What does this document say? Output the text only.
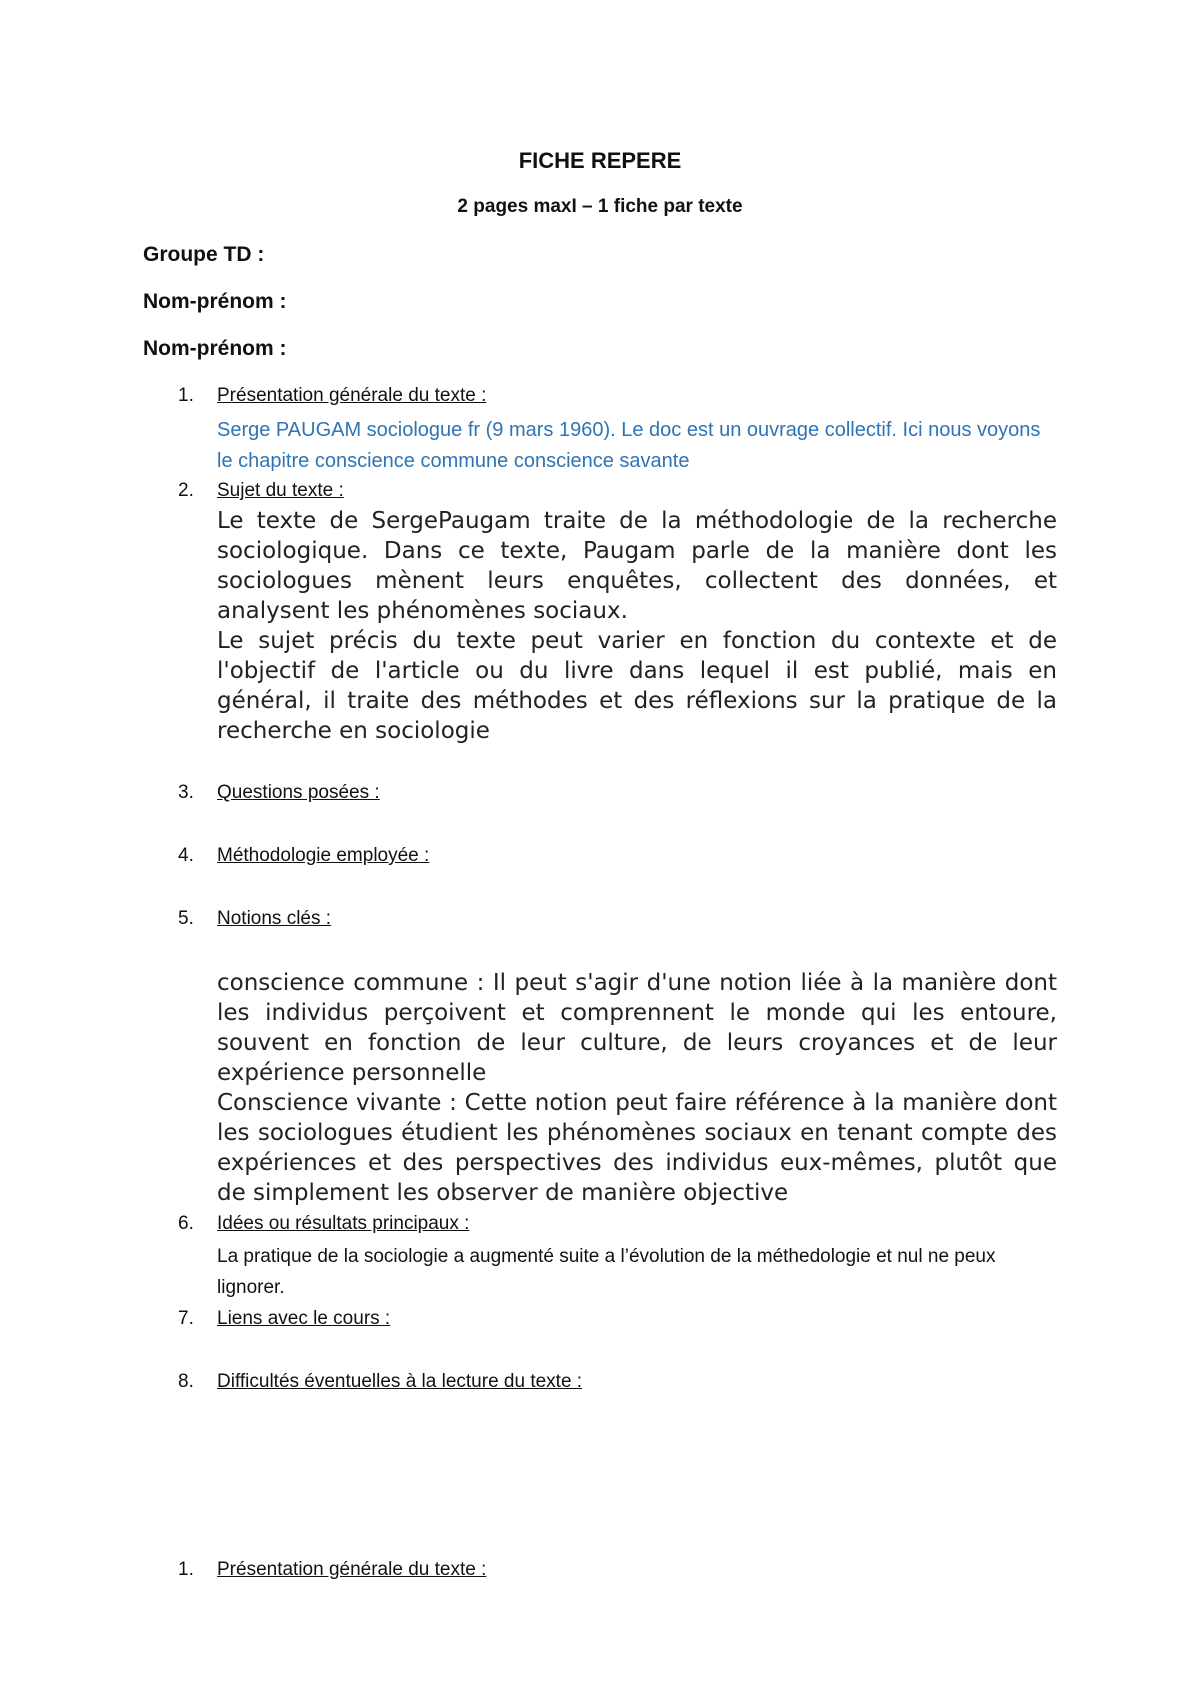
FICHE REPERE
2 pages maxI – 1 fiche par texte
Groupe TD :
Nom-prénom :
Nom-prénom :
1. Présentation générale du texte :
Serge PAUGAM sociologue fr (9 mars 1960). Le doc est un ouvrage collectif. Ici nous voyons le chapitre conscience commune conscience savante
2. Sujet du texte :

Le texte de SergePaugam traite de la méthodologie de la recherche sociologique. Dans ce texte, Paugam parle de la manière dont les sociologues mènent leurs enquêtes, collectent des données, et analysent les phénomènes sociaux.

Le sujet précis du texte peut varier en fonction du contexte et de l'objectif de l'article ou du livre dans lequel il est publié, mais en général, il traite des méthodes et des réflexions sur la pratique de la recherche en sociologie

3. Questions posées :
4. Méthodologie employée :
5. Notions clés :

conscience commune : Il peut s'agir d'une notion liée à la manière dont les individus perçoivent et comprennent le monde qui les entoure, souvent en fonction de leur culture, de leurs croyances et de leur expérience personnelle

Conscience vivante : Cette notion peut faire référence à la manière dont les sociologues étudient les phénomènes sociaux en tenant compte des expériences et des perspectives des individus eux-mêmes, plutôt que de simplement les observer de manière objective

6. Idées ou résultats principaux :
La pratique de la sociologie a augmenté suite a l’évolution de la méthedologie et nul ne peux lignorer.
7. Liens avec le cours :
8. Difficultés éventuelles à la lecture du texte :
1. Présentation générale du texte :
